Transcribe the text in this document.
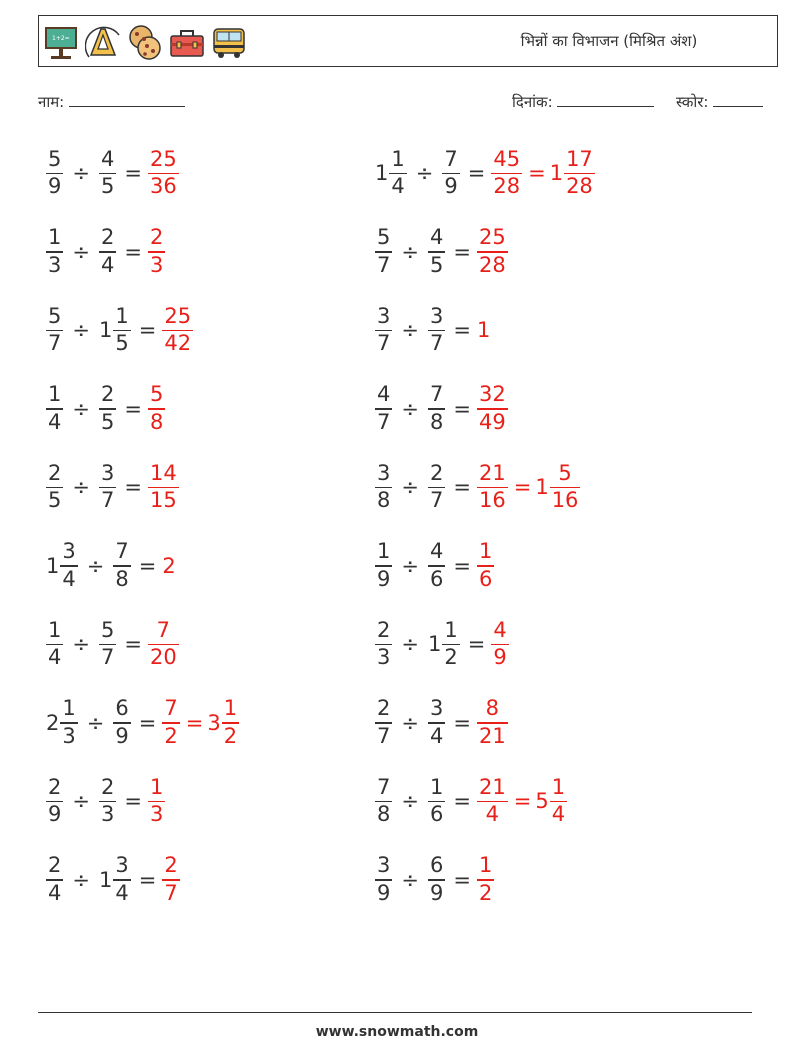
1+2=	भिन्नों का विभाजन (मिश्रित अंश)
नाम:	दिनांक:	स्कोर:
$\frac{5}{9} \div \frac{4}{5} = \frac{25}{36}$	$1 \frac{1}{4} \div \frac{7}{9} = \frac{45}{28} = 1 \frac{17}{28}$
$\frac{1}{3} \div \frac{2}{4} = \frac{2}{3}$	$\frac{5}{7} \div \frac{4}{5} = \frac{25}{28}$
$\frac{5}{7} \div 1 \frac{1}{5} = \frac{25}{42}$	$\frac{3}{7} \div \frac{3}{7} = 1$
$\frac{1}{4} \div \frac{2}{5} = \frac{5}{8}$	$\frac{4}{7} \div \frac{7}{8} = \frac{32}{49}$
$\frac{2}{5} \div \frac{3}{7} = \frac{14}{15}$	$\frac{3}{8} \div \frac{2}{7} = \frac{21}{16} = 1 \frac{5}{16}$
$1 \frac{3}{4} \div \frac{7}{8} = 2$	$\frac{1}{9} \div \frac{4}{6} = \frac{1}{6}$
$\frac{1}{4} \div \frac{5}{7} = \frac{7}{20}$	$\frac{2}{3} \div 1 \frac{1}{2} = \frac{4}{9}$
$2 \frac{1}{3} \div \frac{6}{9} = \frac{7}{2} = 3 \frac{1}{2}$	$\frac{2}{7} \div \frac{3}{4} = \frac{8}{21}$
$\frac{2}{9} \div \frac{2}{3} = \frac{1}{3}$	$\frac{7}{8} \div \frac{1}{6} = \frac{21}{4} = 5 \frac{1}{4}$
$\frac{2}{4} \div 1 \frac{3}{4} = \frac{2}{7}$	$\frac{3}{9} \div \frac{6}{9} = \frac{1}{2}$
www.snowmath.com
